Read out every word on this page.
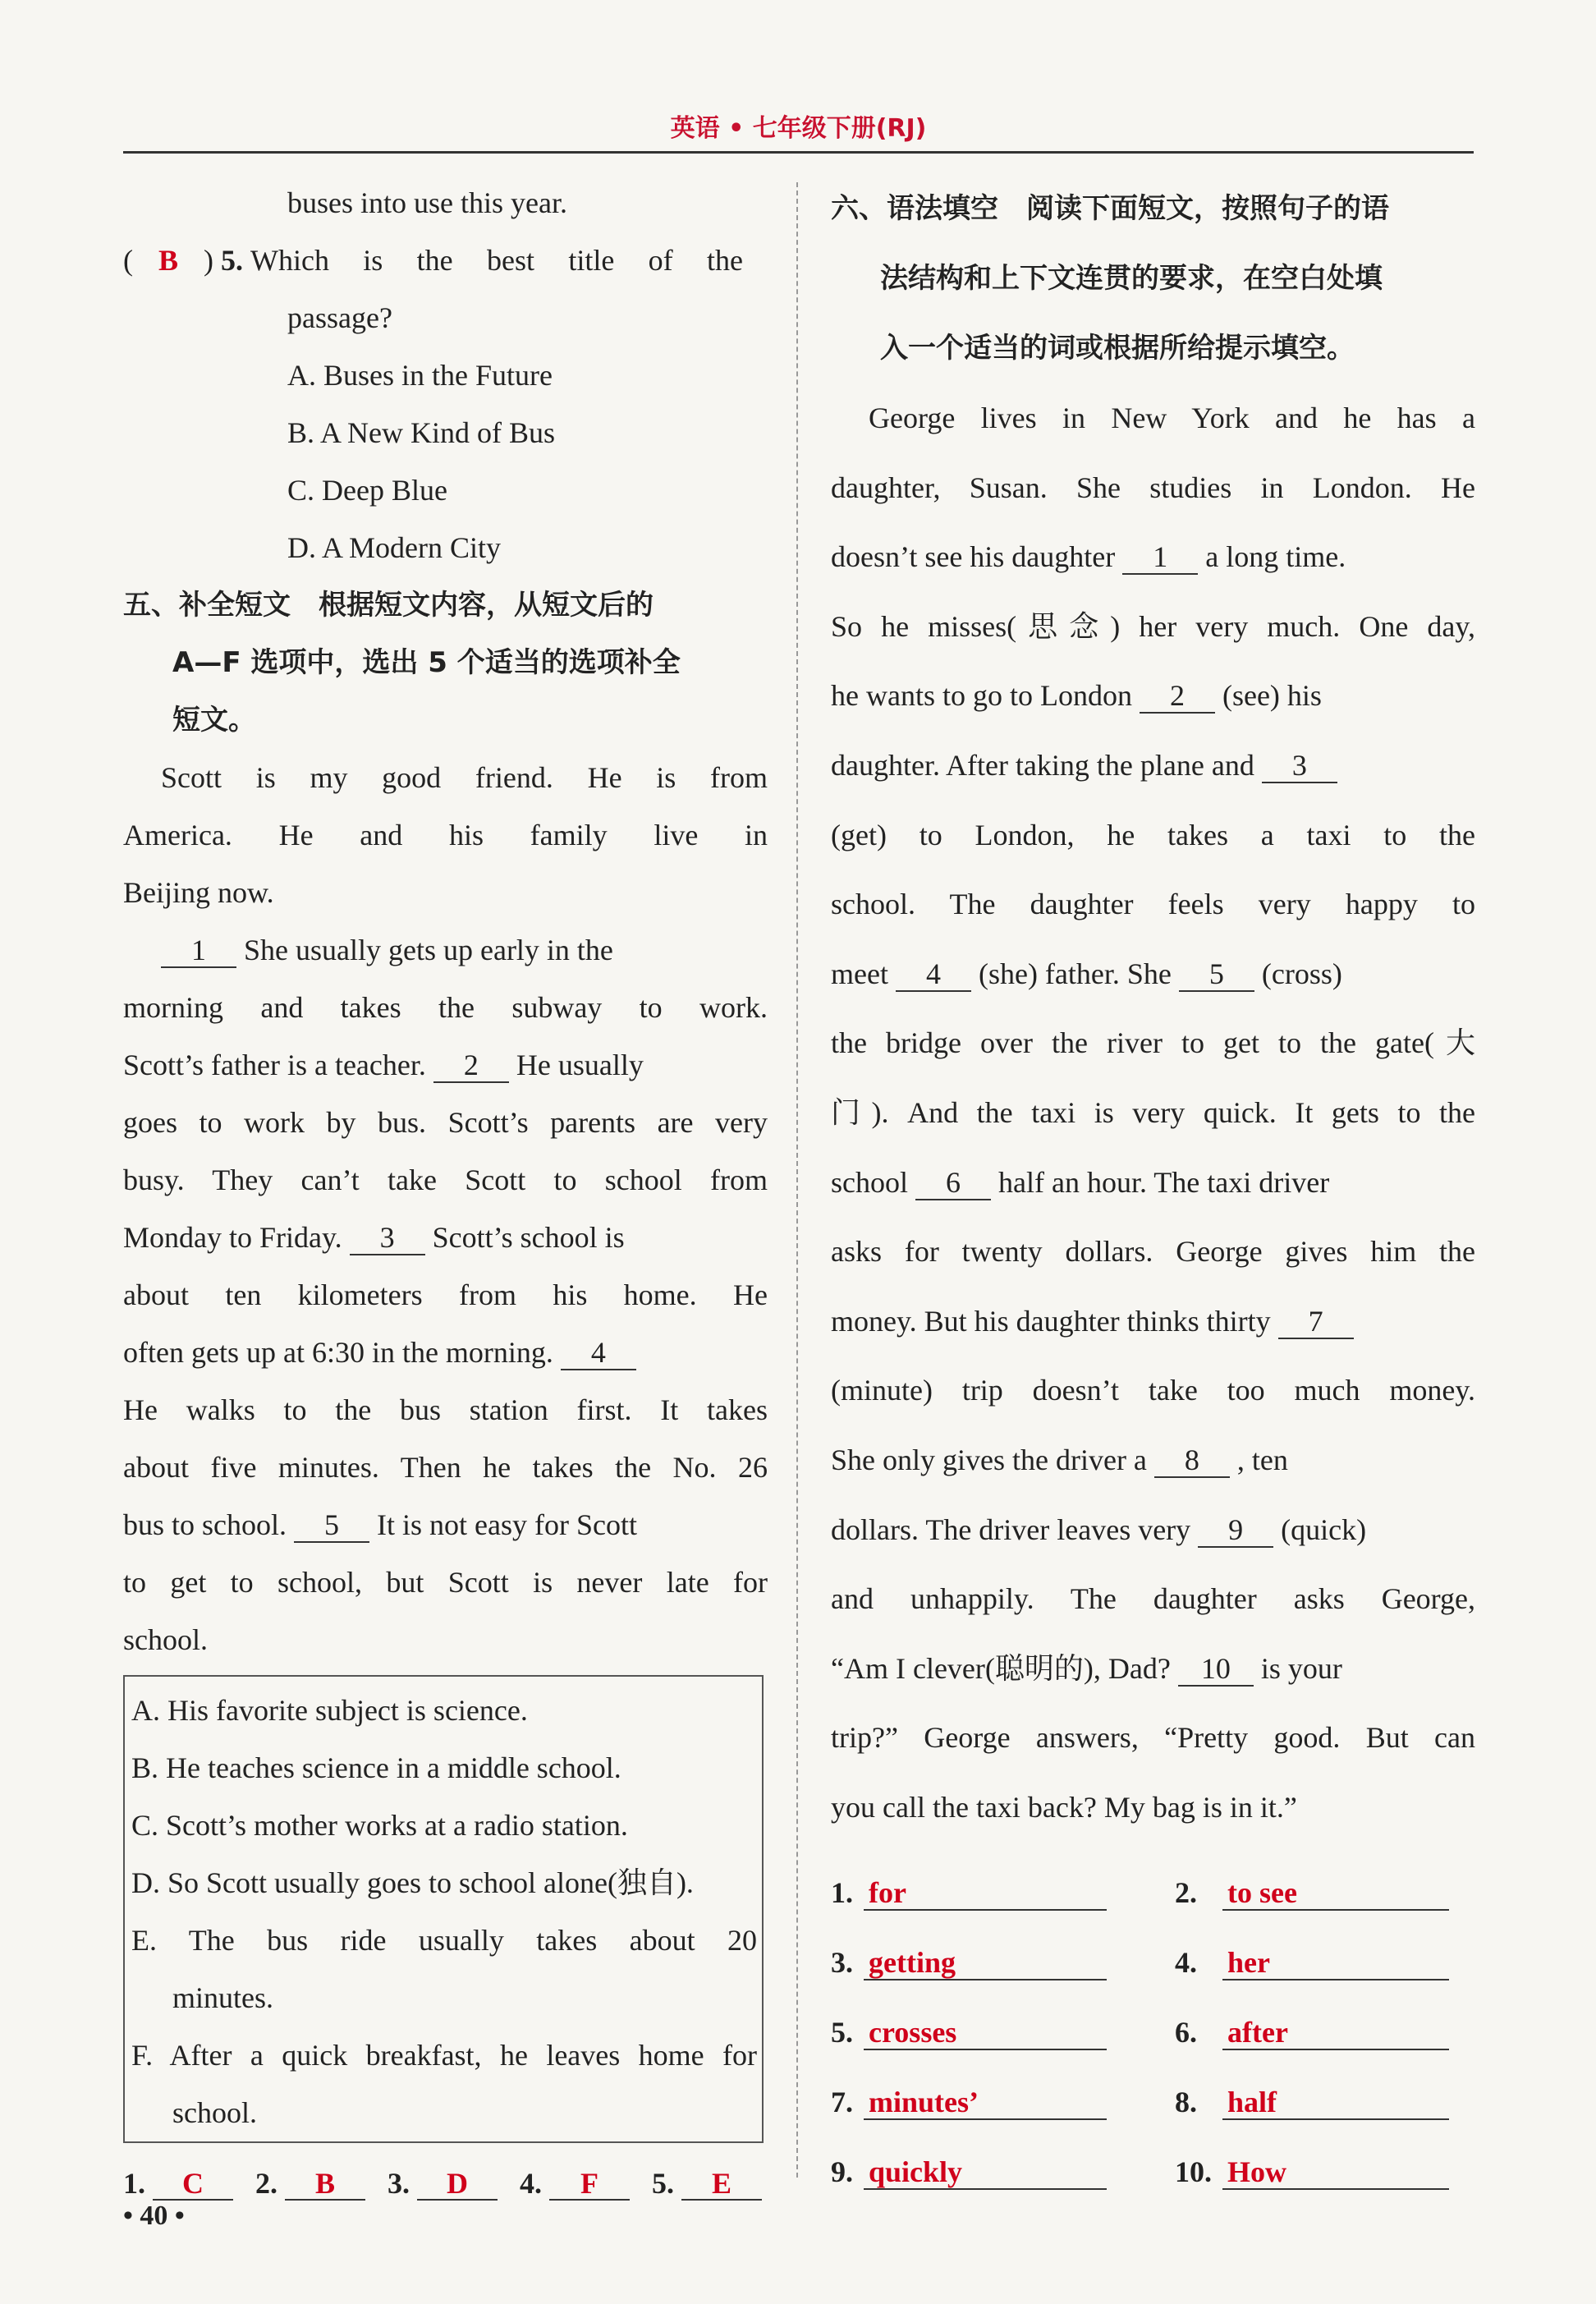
英语 • 七年级下册(RJ)
buses into use this year.
( B ) 5. Which is the best title of the
passage?
A. Buses in the Future
B. A New Kind of Bus
C. Deep Blue
D. A Modern City
五、补全短文　根据短文内容，从短文后的
A—F 选项中，选出 5 个适当的选项补全
短文。
Scott is my good friend. He is from
America. He and his family live in
Beijing now.
1 She usually gets up early in the
morning and takes the subway to work.
Scott’s father is a teacher. 2 He usually
goes to work by bus. Scott’s parents are very
busy. They can’t take Scott to school from
Monday to Friday. 3 Scott’s school is
about ten kilometers from his home. He
often gets up at 6:30 in the morning. 4
He walks to the bus station first. It takes
about five minutes. Then he takes the No. 26
bus to school. 5 It is not easy for Scott
to get to school, but Scott is never late for
school.
A. His favorite subject is science.
B. He teaches science in a middle school.
C. Scott’s mother works at a radio station.
D. So Scott usually goes to school alone(独自).
E. The bus ride usually takes about 20
minutes.
F. After a quick breakfast, he leaves home for
school.
1. C 2. B 3. D 4. F 5. E
六、语法填空　阅读下面短文，按照句子的语
法结构和上下文连贯的要求，在空白处填
入一个适当的词或根据所给提示填空。
George lives in New York and he has a
daughter, Susan. She studies in London. He
doesn’t see his daughter 1 a long time.
So he misses(思念) her very much. One day,
he wants to go to London 2 (see) his
daughter. After taking the plane and 3
(get) to London, he takes a taxi to the
school. The daughter feels very happy to
meet 4 (she) father. She 5 (cross)
the bridge over the river to get to the gate(大
门). And the taxi is very quick. It gets to the
school 6 half an hour. The taxi driver
asks for twenty dollars. George gives him the
money. But his daughter thinks thirty 7
(minute) trip doesn’t take too much money.
She only gives the driver a 8 , ten
dollars. The driver leaves very 9 (quick)
and unhappily. The daughter asks George,
“Am I clever(聪明的), Dad? 10 is your
trip?” George answers, “Pretty good. But can
you call the taxi back? My bag is in it.”
1. for	2. to see
3. getting	4. her
5. crosses	6. after
7. minutes’	8. half
9. quickly	10. How
• 40 •
